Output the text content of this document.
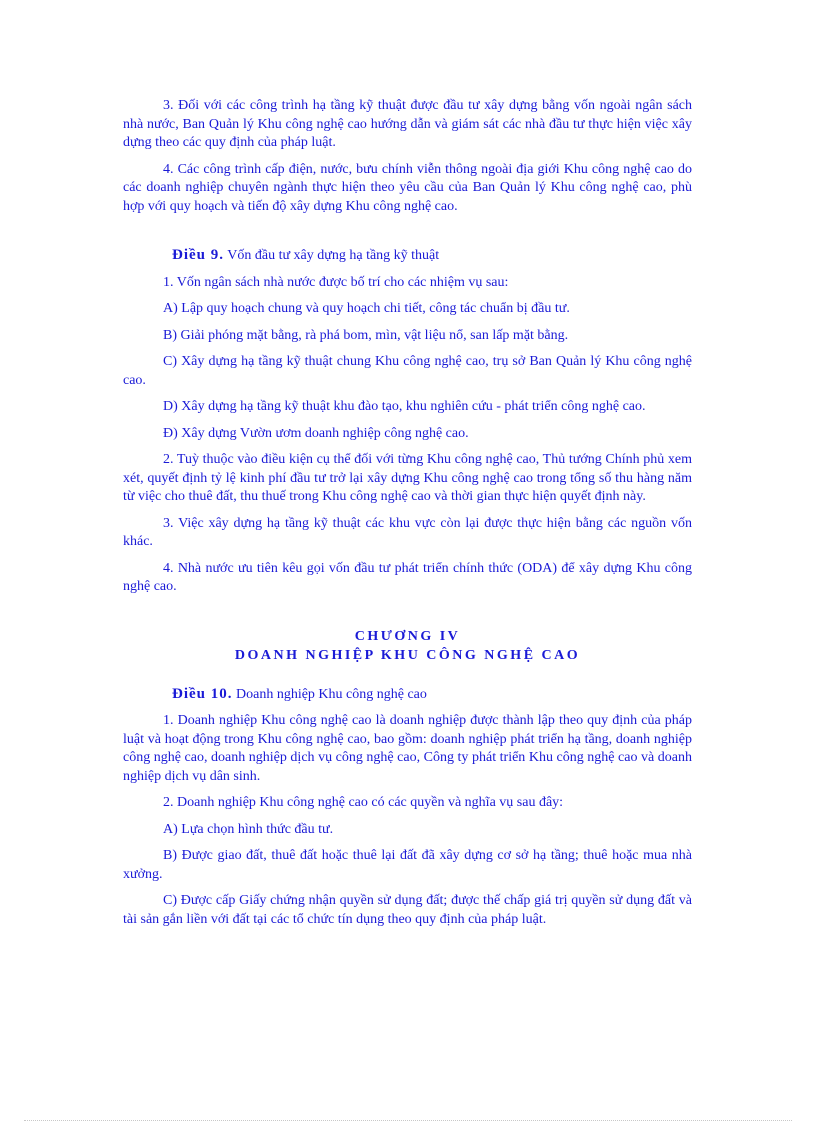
3. Đối với các công trình hạ tầng kỹ thuật được đầu tư xây dựng bằng vốn ngoài ngân sách nhà nước, Ban Quản lý Khu công nghệ cao hướng dẫn và giám sát các nhà đầu tư thực hiện việc xây dựng theo các quy định của pháp luật.

4. Các công trình cấp điện, nước, bưu chính viễn thông ngoài địa giới Khu công nghệ cao do các doanh nghiệp chuyên ngành thực hiện theo yêu cầu của Ban Quản lý Khu công nghệ cao, phù hợp với quy hoạch và tiến độ xây dựng Khu công nghệ cao.

Điều 9. Vốn đầu tư xây dựng hạ tầng kỹ thuật

1. Vốn ngân sách nhà nước được bố trí cho các nhiệm vụ sau:

A) Lập quy hoạch chung và quy hoạch chi tiết, công tác chuẩn bị đầu tư.

B) Giải phóng mặt bằng, rà phá bom, mìn, vật liệu nổ, san lấp mặt bằng.

C) Xây dựng hạ tầng kỹ thuật chung Khu công nghệ cao, trụ sở Ban Quản lý Khu công nghệ cao.

D) Xây dựng hạ tầng kỹ thuật khu đào tạo, khu nghiên cứu - phát triển công nghệ cao.

Đ) Xây dựng Vườn ươm doanh nghiệp công nghệ cao.

2. Tuỳ thuộc vào điều kiện cụ thể đối với từng Khu công nghệ cao, Thủ tướng Chính phủ xem xét, quyết định tỷ lệ kinh phí đầu tư trở lại xây dựng Khu công nghệ cao trong tổng số thu hàng năm từ việc cho thuê đất, thu thuế trong Khu công nghệ cao và thời gian thực hiện quyết định này.

3. Việc xây dựng hạ tầng kỹ thuật các khu vực còn lại được thực hiện bằng các nguồn vốn khác.

4. Nhà nước ưu tiên kêu gọi vốn đầu tư phát triển chính thức (ODA) để xây dựng Khu công nghệ cao.

CHƯƠNG IV
DOANH NGHIỆP KHU CÔNG NGHỆ CAO

Điều 10. Doanh nghiệp Khu công nghệ cao

1. Doanh nghiệp Khu công nghệ cao là doanh nghiệp được thành lập theo quy định của pháp luật và hoạt động trong Khu công nghệ cao, bao gồm: doanh nghiệp phát triển hạ tầng, doanh nghiệp công nghệ cao, doanh nghiệp dịch vụ công nghệ cao, Công ty phát triển Khu công nghệ cao và doanh nghiệp dịch vụ dân sinh.

2. Doanh nghiệp Khu công nghệ cao có các quyền và nghĩa vụ sau đây:

A) Lựa chọn hình thức đầu tư.

B) Được giao đất, thuê đất hoặc thuê lại đất đã xây dựng cơ sở hạ tầng; thuê hoặc mua nhà xưởng.

C) Được cấp Giấy chứng nhận quyền sử dụng đất; được thế chấp giá trị quyền sử dụng đất và tài sản gắn liền với đất tại các tổ chức tín dụng theo quy định của pháp luật.
